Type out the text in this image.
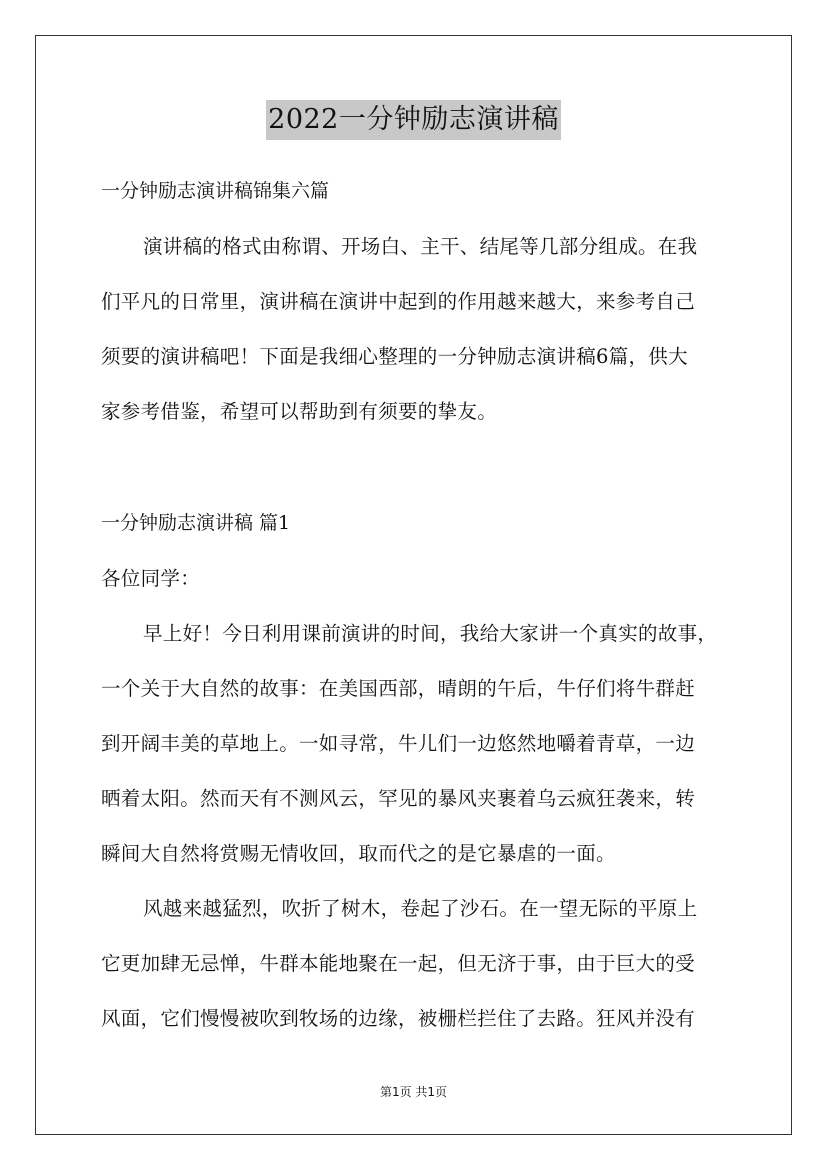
2022一分钟励志演讲稿
一分钟励志演讲稿锦集六篇
演讲稿的格式由称谓、开场白、主干、结尾等几部分组成。在我
们平凡的日常里，演讲稿在演讲中起到的作用越来越大，来参考自己
须要的演讲稿吧！下面是我细心整理的一分钟励志演讲稿6篇，供大
家参考借鉴，希望可以帮助到有须要的挚友。
一分钟励志演讲稿 篇1
各位同学：
早上好！今日利用课前演讲的时间，我给大家讲一个真实的故事，
一个关于大自然的故事：在美国西部，晴朗的午后，牛仔们将牛群赶
到开阔丰美的草地上。一如寻常，牛儿们一边悠然地嚼着青草，一边
晒着太阳。然而天有不测风云，罕见的暴风夹裹着乌云疯狂袭来，转
瞬间大自然将赏赐无情收回，取而代之的是它暴虐的一面。
风越来越猛烈，吹折了树木，卷起了沙石。在一望无际的平原上
它更加肆无忌惮，牛群本能地聚在一起，但无济于事，由于巨大的受
风面，它们慢慢被吹到牧场的边缘，被栅栏拦住了去路。狂风并没有
第1页 共1页
